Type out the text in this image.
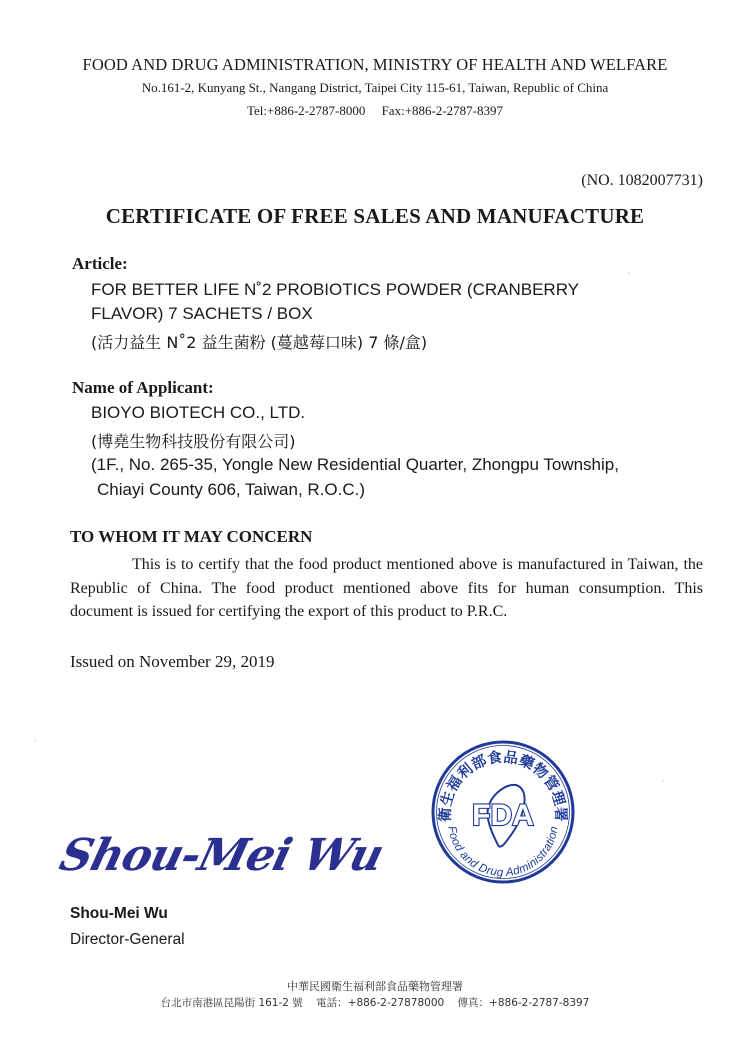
FOOD AND DRUG ADMINISTRATION, MINISTRY OF HEALTH AND WELFARE
No.161-2, Kunyang St., Nangang District, Taipei City 115-61, Taiwan, Republic of China
Tel:+886-2-2787-8000     Fax:+886-2-2787-8397
(NO. 1082007731)
CERTIFICATE OF FREE SALES AND MANUFACTURE
Article:
FOR BETTER LIFE N˚2 PROBIOTICS POWDER (CRANBERRY
FLAVOR) 7 SACHETS / BOX
(活力益生 N˚2 益生菌粉 (蔓越莓口味) 7 條/盒)
Name of Applicant:
BIOYO BIOTECH CO., LTD.
(博堯生物科技股份有限公司)
(1F., No. 265-35, Yongle New Residential Quarter, Zhongpu Township,
Chiayi County 606, Taiwan, R.O.C.)
TO WHOM IT MAY CONCERN

This is to certify that the food product mentioned above is manufactured in Taiwan, the Republic of China. The food product mentioned above fits for human consumption. This document is issued for certifying the export of this product to P.R.C.

Issued on November 29, 2019
Shou-Mei Wu
Shou-Mei Wu
Director-General
衛生福利部食品藥物管理署
Food and Drug Administration
FDA
中華民國衛生福利部食品藥物管理署
台北市南港區昆陽街 161-2 號    電話：+886-2-27878000    傳真：+886-2-2787-8397
